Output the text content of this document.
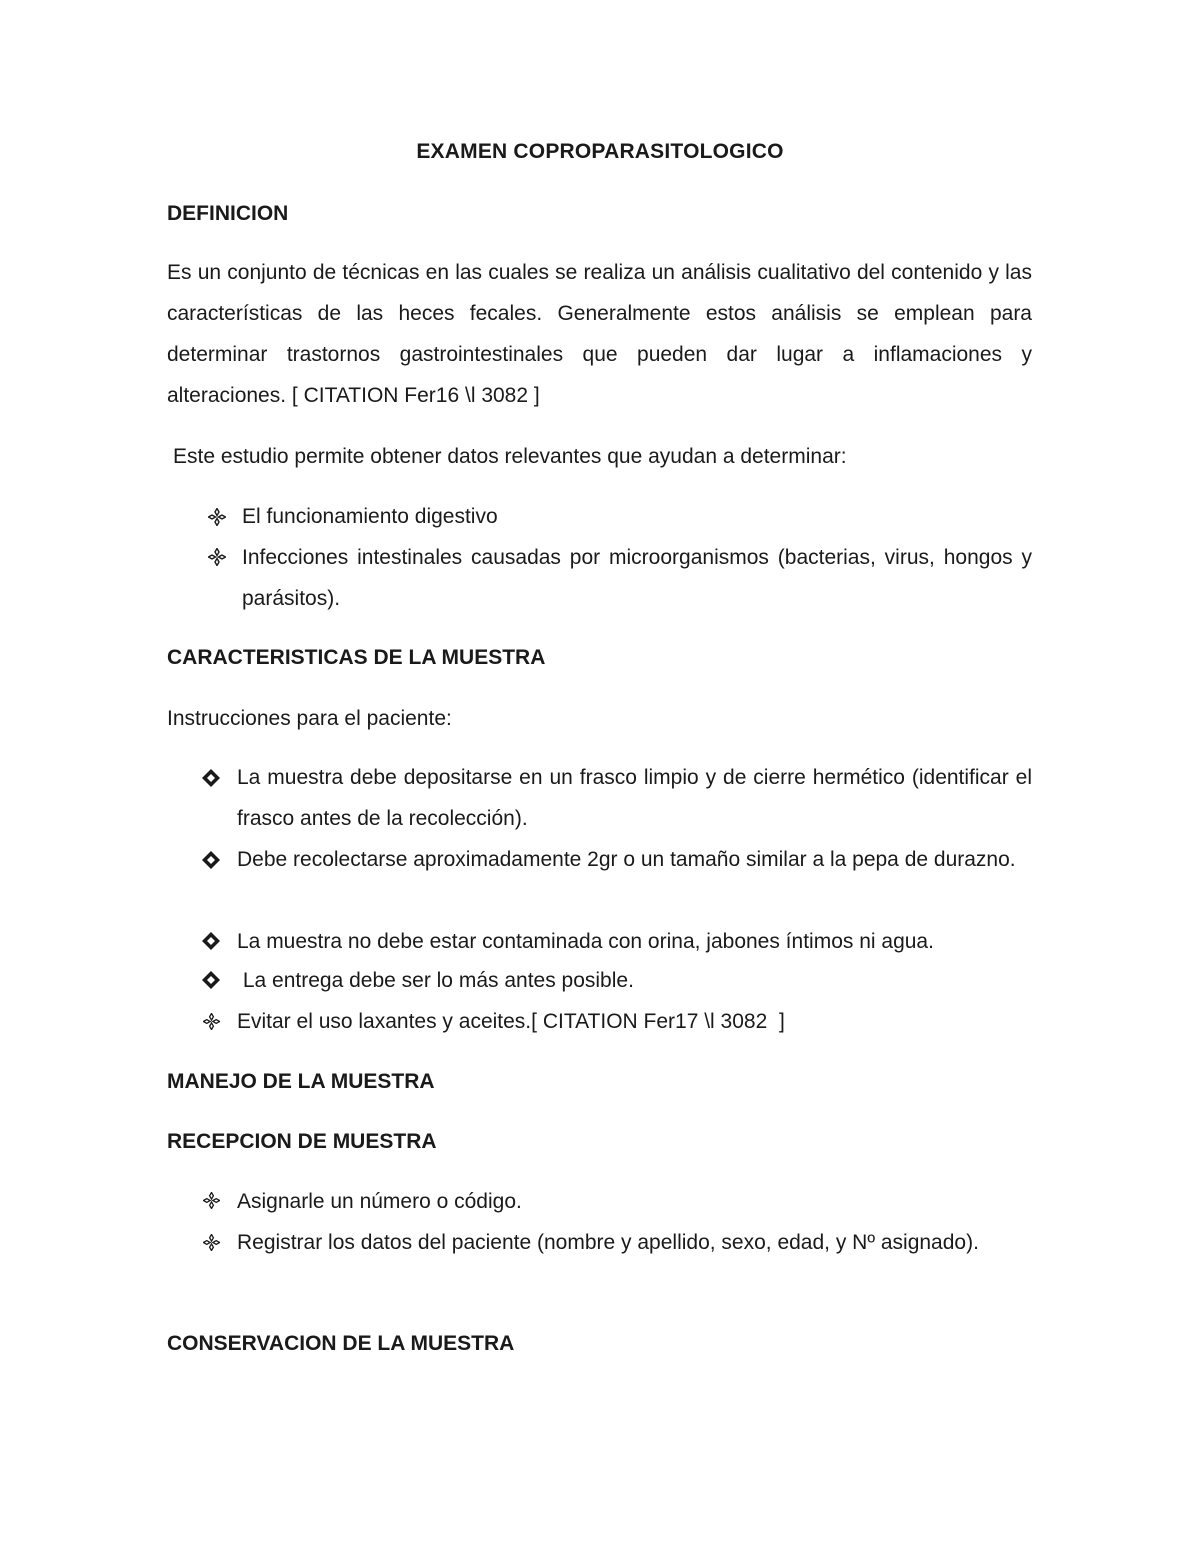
EXAMEN COPROPARASITOLOGICO
DEFINICION
Es un conjunto de técnicas en las cuales se realiza un análisis cualitativo del contenido y las características de las heces fecales. Generalmente estos análisis se emplean para determinar trastornos gastrointestinales que pueden dar lugar a inflamaciones y alteraciones. [ CITATION Fer16 \l 3082 ]
Este estudio permite obtener datos relevantes que ayudan a determinar:
El funcionamiento digestivo
Infecciones intestinales causadas por microorganismos (bacterias, virus, hongos y parásitos).
CARACTERISTICAS DE LA MUESTRA
Instrucciones para el paciente:
La muestra debe depositarse en un frasco limpio y de cierre hermético (identificar el frasco antes de la recolección).
Debe recolectarse aproximadamente 2gr o un tamaño similar a la pepa de durazno.
La muestra no debe estar contaminada con orina, jabones íntimos ni agua.
La entrega debe ser lo más antes posible.
Evitar el uso laxantes y aceites.[ CITATION Fer17 \l 3082  ]
MANEJO DE LA MUESTRA
RECEPCION DE MUESTRA
Asignarle un número o código.
Registrar los datos del paciente (nombre y apellido, sexo, edad, y Nº asignado).
CONSERVACION DE LA MUESTRA
